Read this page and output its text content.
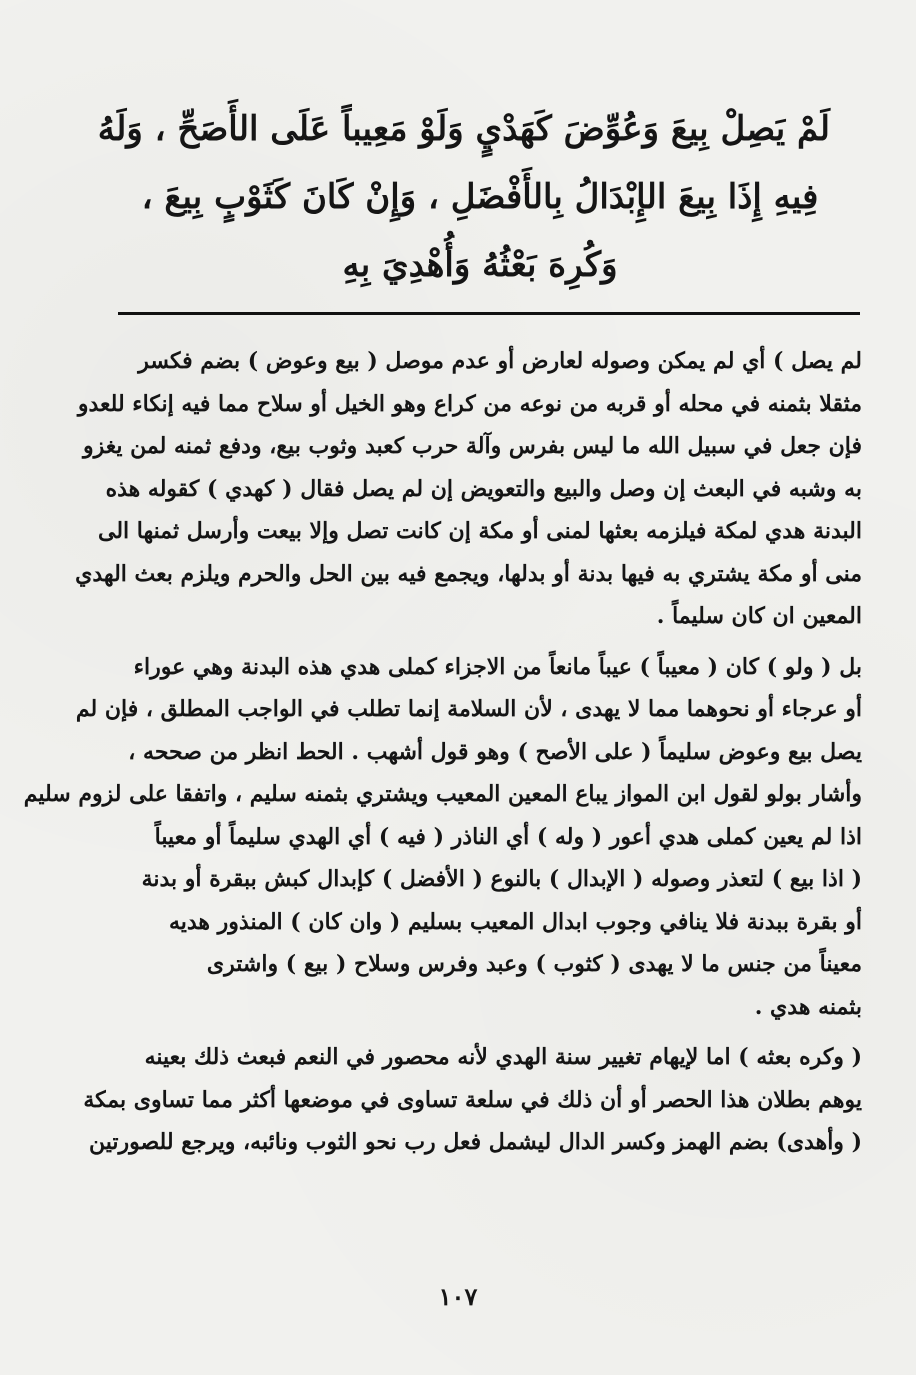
لَمْ يَصِلْ بِيعَ وَعُوِّضَ كَهَدْيٍ وَلَوْ مَعِيباً عَلَى الأَصَحِّ ، وَلَهُ
فِيهِ إِذَا بِيعَ الإِبْدَالُ بِالأَفْضَلِ ، وَإِنْ كَانَ كَثَوْبٍ بِيعَ ،
وَكُرِهَ بَعْثُهُ وَأُهْدِيَ بِهِ
لم يصل ) أي لم يمكن وصوله لعارض أو عدم موصل ( بيع وعوض ) بضم فكسر
مثقلا بثمنه في محله أو قربه من نوعه من كراع وهو الخيل أو سلاح مما فيه إنكاء للعدو
فإن جعل في سبيل الله ما ليس بفرس وآلة حرب كعبد وثوب بيع، ودفع ثمنه لمن يغزو
به وشبه في البعث إن وصل والبيع والتعويض إن لم يصل فقال ( كهدي ) كقوله هذه
البدنة هدي لمكة فيلزمه بعثها لمنى أو مكة إن كانت تصل وإلا بيعت وأرسل ثمنها الى
منى أو مكة يشتري به فيها بدنة أو بدلها، ويجمع فيه بين الحل والحرم ويلزم بعث الهدي
المعين ان كان سليماً .
بل ( ولو ) كان ( معيباً ) عيباً مانعاً من الاجزاء كملى هدي هذه البدنة وهي عوراء
أو عرجاء أو نحوهما مما لا يهدى ، لأن السلامة إنما تطلب في الواجب المطلق ، فإن لم
يصل بيع وعوض سليماً ( على الأصح ) وهو قول أشهب . الحط انظر من صححه ،
وأشار بولو لقول ابن المواز يباع المعين المعيب ويشتري بثمنه سليم ، واتفقا على لزوم سليم
اذا لم يعين كملى هدي أعور ( وله ) أي الناذر ( فيه ) أي الهدي سليماً أو معيباً
( اذا بيع ) لتعذر وصوله ( الإبدال ) بالنوع ( الأفضل ) كإبدال كبش ببقرة أو بدنة
أو بقرة ببدنة فلا ينافي وجوب ابدال المعيب بسليم ( وان كان ) المنذور هديه
معيناً من جنس ما لا يهدى ( كثوب ) وعبد وفرس وسلاح ( بيع ) واشترى
بثمنه هدي .
( وكره بعثه ) اما لإيهام تغيير سنة الهدي لأنه محصور في النعم فبعث ذلك بعينه
يوهم بطلان هذا الحصر أو أن ذلك في سلعة تساوى في موضعها أكثر مما تساوى بمكة
( وأهدى) بضم الهمز وكسر الدال ليشمل فعل رب نحو الثوب ونائبه، ويرجع للصورتين
١٠٧
